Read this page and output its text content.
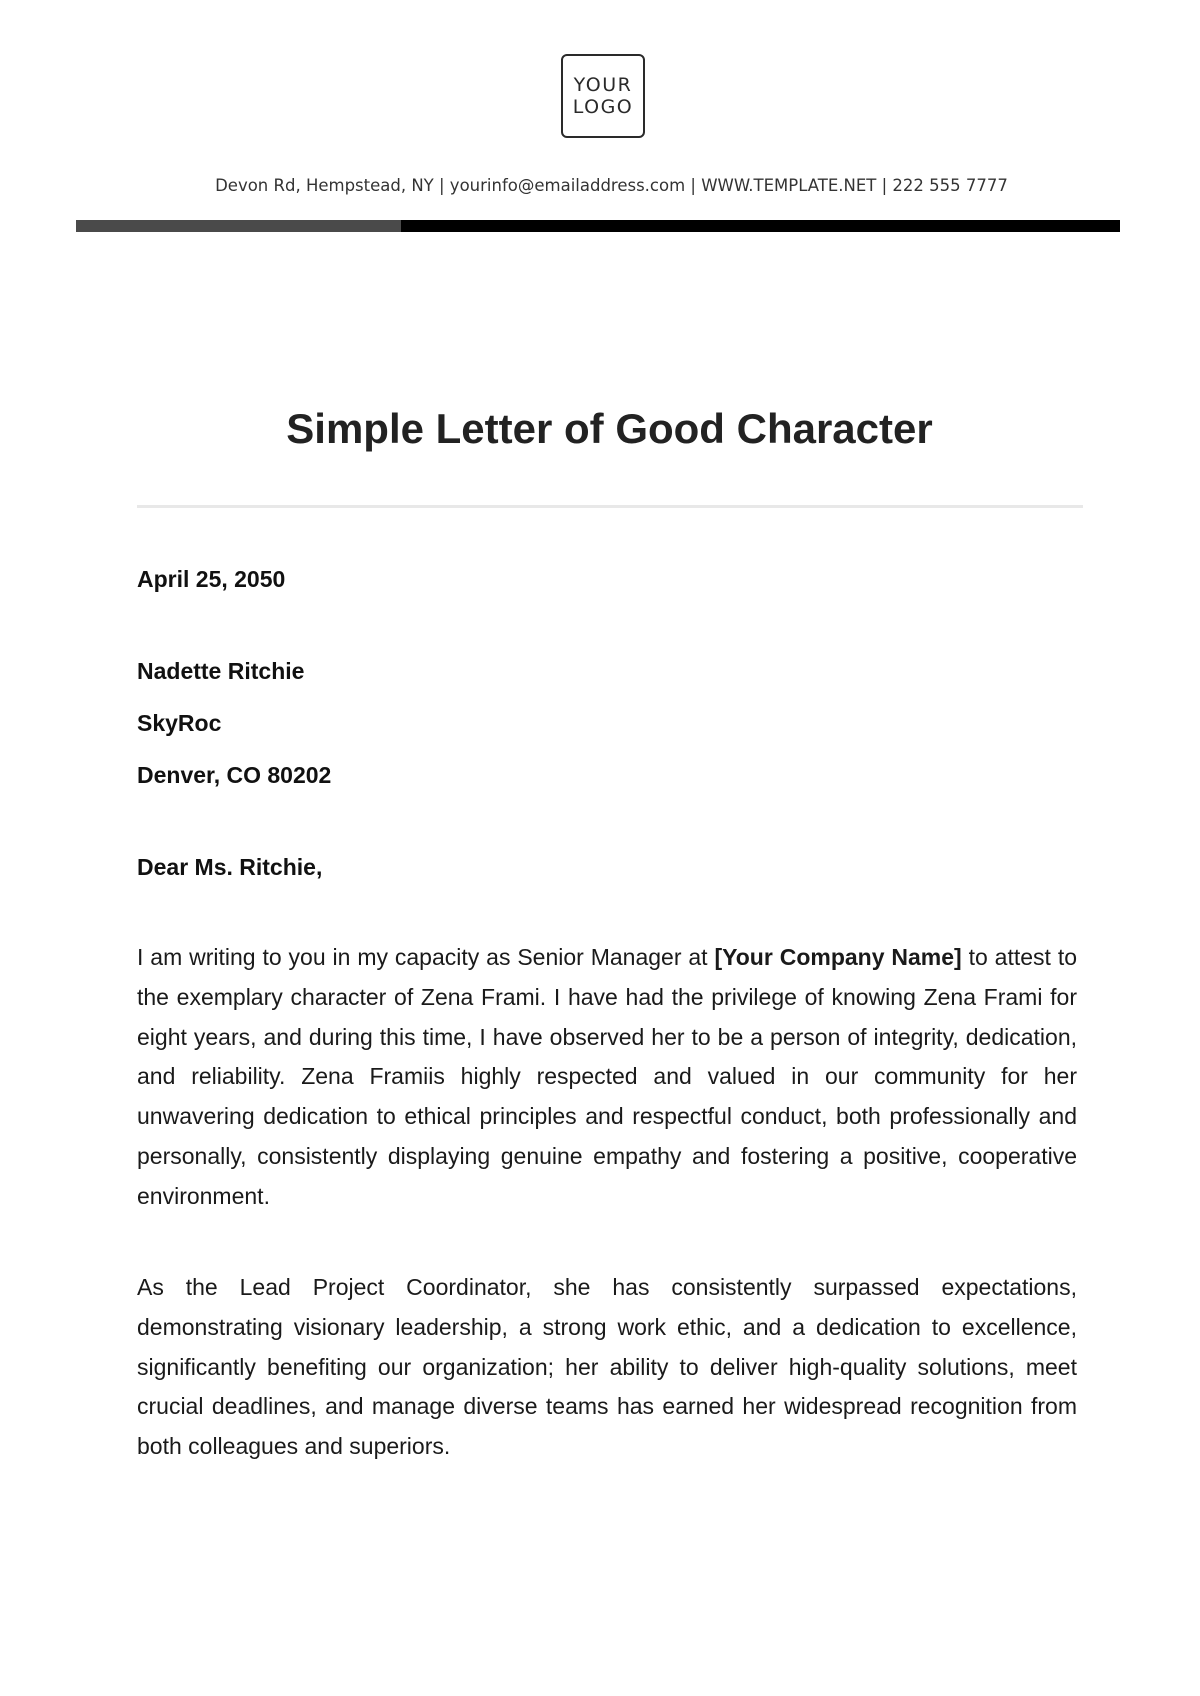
YOUR
LOGO
Devon Rd, Hempstead, NY | yourinfo@emailaddress.com | WWW.TEMPLATE.NET | 222 555 7777
Simple Letter of Good Character
April 25, 2050
Nadette Ritchie
SkyRoc
Denver, CO 80202
Dear Ms. Ritchie,
I am writing to you in my capacity as Senior Manager at [Your Company Name] to attest to the exemplary character of Zena Frami. I have had the privilege of knowing Zena Frami for eight years, and during this time, I have observed her to be a person of integrity, dedication, and reliability. Zena Framiis highly respected and valued in our community for her unwavering dedication to ethical principles and respectful conduct, both professionally and personally, consistently displaying genuine empathy and fostering a positive, cooperative environment.
As the Lead Project Coordinator, she has consistently surpassed expectations, demonstrating visionary leadership, a strong work ethic, and a dedication to excellence, significantly benefiting our organization; her ability to deliver high-quality solutions, meet crucial deadlines, and manage diverse teams has earned her widespread recognition from both colleagues and superiors.
